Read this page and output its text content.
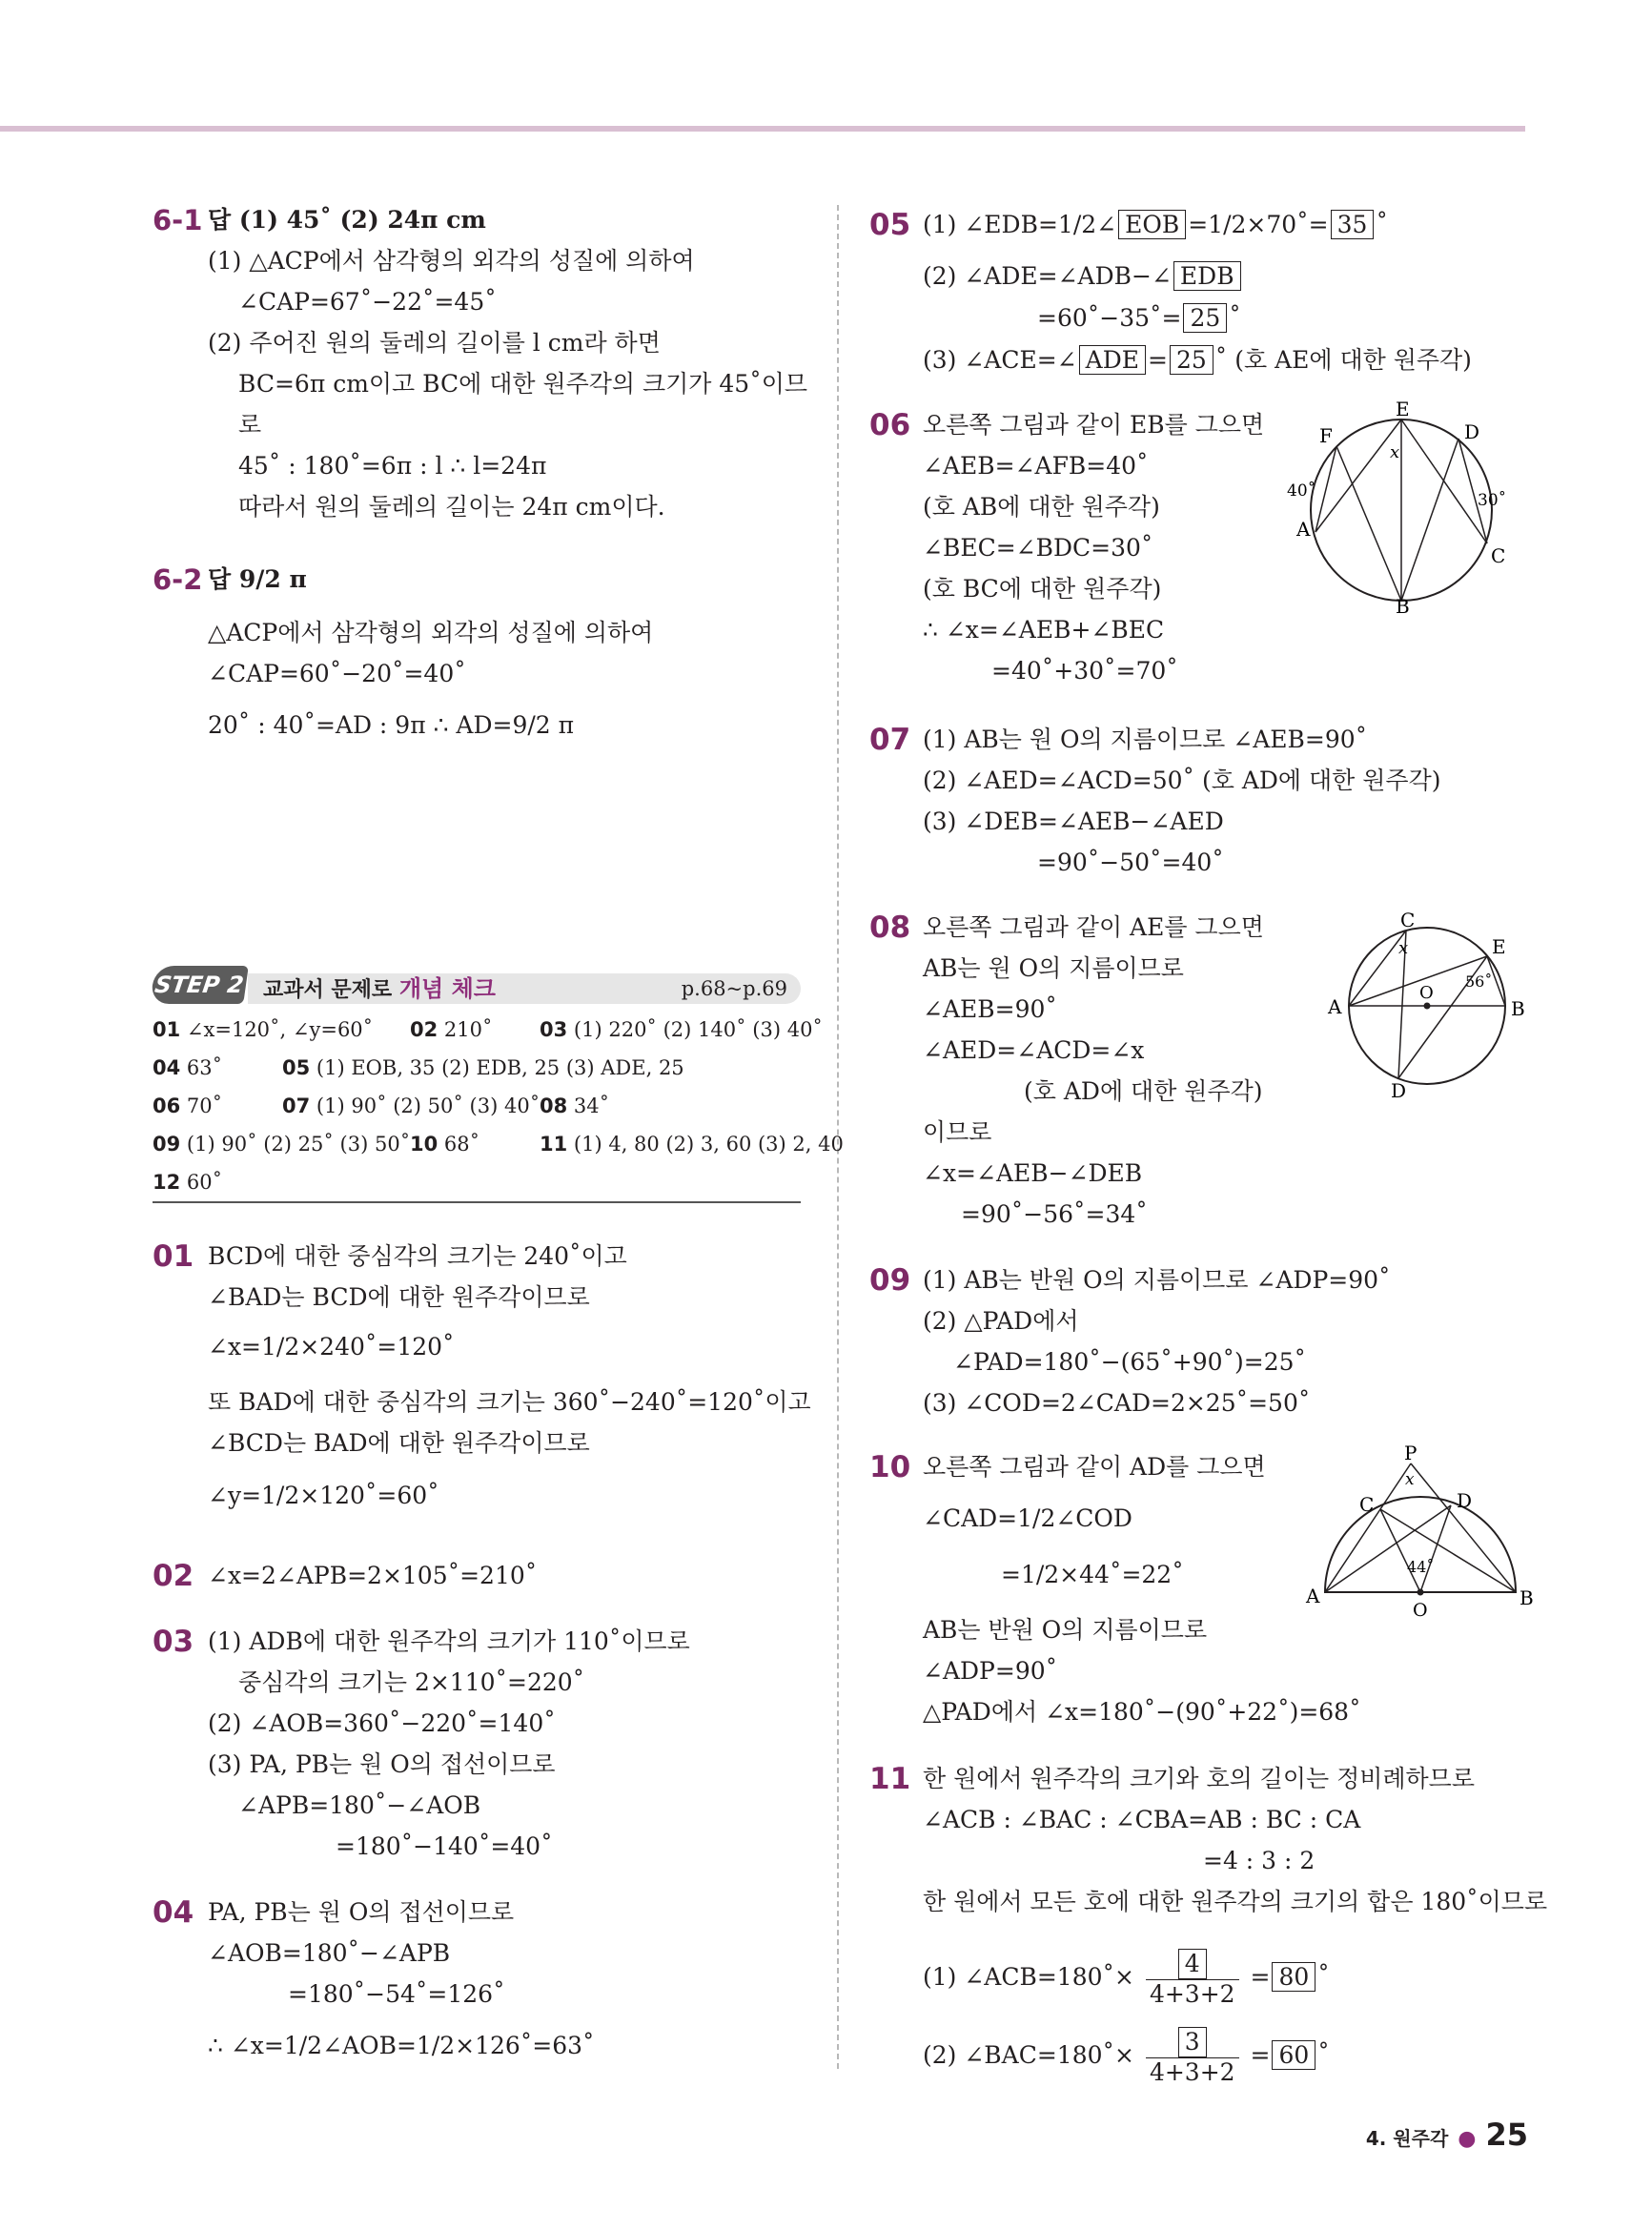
6-1 답 (1) 45˚ (2) 24π cm
(1) △ACP에서 삼각형의 외각의 성질에 의하여
∠CAP=67˚−22˚=45˚
(2) 주어진 원의 둘레의 길이를 l cm라 하면
BC=6π cm이고 BC에 대한 원주각의 크기가 45˚이므
로
45˚ : 180˚=6π : l ∴ l=24π
따라서 원의 둘레의 길이는 24π cm이다.
6-2 답 9/2 π
△ACP에서 삼각형의 외각의 성질에 의하여
∠CAP=60˚−20˚=40˚
20˚ : 40˚=AD : 9π ∴ AD=9/2 π
STEP 2 교과서 문제로 개념 체크	p.68~p.69
01 ∠x=120˚, ∠y=60˚ 02 210˚ 03 (1) 220˚ (2) 140˚ (3) 40˚
04 63˚	05 (1) EOB, 35 (2) EDB, 25 (3) ADE, 25
06 70˚	07 (1) 90˚ (2) 50˚ (3) 40˚ 08 34˚
09 (1) 90˚ (2) 25˚ (3) 50˚ 10 68˚	11 (1) 4, 80 (2) 3, 60 (3) 2, 40
12 60˚
01 BCD에 대한 중심각의 크기는 240˚이고
∠BAD는 BCD에 대한 원주각이므로
∠x=1/2×240˚=120˚
또 BAD에 대한 중심각의 크기는 360˚−240˚=120˚이고
∠BCD는 BAD에 대한 원주각이므로
∠y=1/2×120˚=60˚
02 ∠x=2∠APB=2×105˚=210˚
03 (1) ADB에 대한 원주각의 크기가 110˚이므로
중심각의 크기는 2×110˚=220˚
(2) ∠AOB=360˚−220˚=140˚
(3) PA, PB는 원 O의 접선이므로
∠APB=180˚−∠AOB
=180˚−140˚=40˚
04 PA, PB는 원 O의 접선이므로
∠AOB=180˚−∠APB
=180˚−54˚=126˚
∴ ∠x=1/2∠AOB=1/2×126˚=63˚
05 (1) ∠EDB=1/2∠ EOB =1/2×70˚= 35 ˚
(2) ∠ADE=∠ADB−∠ EDB
=60˚−35˚= 25 ˚
(3) ∠ACE=∠ ADE = 25 ˚ (호 AE에 대한 원주각)
06 오른쪽 그림과 같이 EB를 그으면
∠AEB=∠AFB=40˚
(호 AB에 대한 원주각)
∠BEC=∠BDC=30˚
(호 BC에 대한 원주각)
∴ ∠x=∠AEB+∠BEC
=40˚+30˚=70˚
E
F	D
A
B
C
x
40˚	30˚
07 (1) AB는 원 O의 지름이므로 ∠AEB=90˚
(2) ∠AED=∠ACD=50˚ (호 AD에 대한 원주각)
(3) ∠DEB=∠AEB−∠AED
=90˚−50˚=40˚
08 오른쪽 그림과 같이 AE를 그으면
AB는 원 O의 지름이므로
∠AEB=90˚
∠AED=∠ACD=∠x
(호 AD에 대한 원주각)
이므로
∠x=∠AEB−∠DEB
=90˚−56˚=34˚
C
E
A
O
B
D
x
56˚
09 (1) AB는 반원 O의 지름이므로 ∠ADP=90˚
(2) △PAD에서
∠PAD=180˚−(65˚+90˚)=25˚
(3) ∠COD=2∠CAD=2×25˚=50˚
10 오른쪽 그림과 같이 AD를 그으면
∠CAD=1/2∠COD
=1/2×44˚=22˚
AB는 반원 O의 지름이므로
∠ADP=90˚
△PAD에서 ∠x=180˚−(90˚+22˚)=68˚
P
C	D
A
O
B
x
44˚
11 한 원에서 원주각의 크기와 호의 길이는 정비례하므로
∠ACB : ∠BAC : ∠CBA=AB : BC : CA
=4 : 3 : 2
한 원에서 모든 호에 대한 원주각의 크기의 합은 180˚이므로
(1) ∠ACB=180˚× $\frac{4}{4+3+2} = 80$ ˚
(2) ∠BAC=180˚× $\frac{3}{4+3+2} = 60$ ˚
4. 원주각 ● 25
